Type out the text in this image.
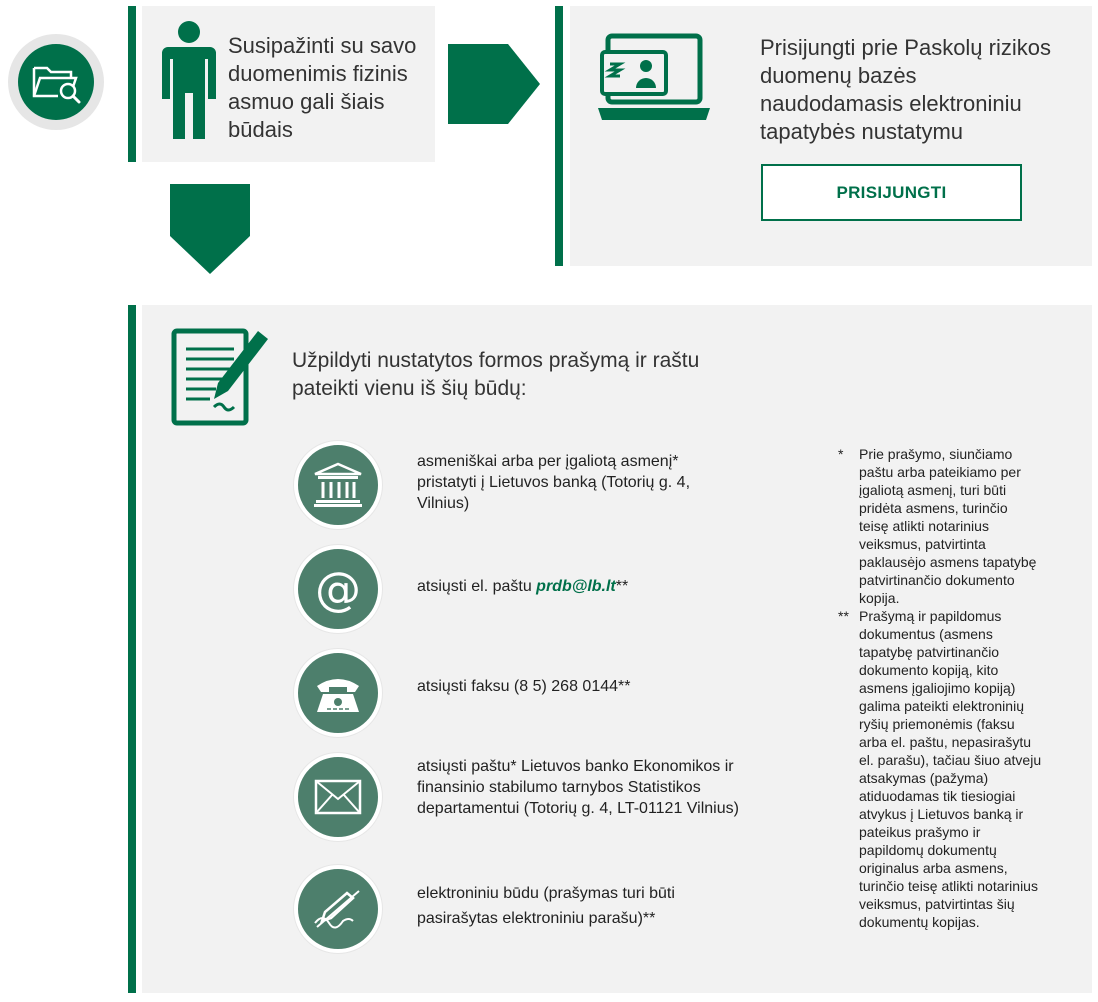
Susipažinti su savo duomenimis fizinis asmuo gali šiais būdais
Prisijungti prie Paskolų rizikos duomenų bazės naudodamasis elektroniniu tapatybės nustatymu
PRISIJUNGTI
Užpildyti nustatytos formos prašymą ir raštu pateikti vienu iš šių būdų:
asmeniškai arba per įgaliotą asmenį* pristatyti į Lietuvos banką (Totorių g. 4, Vilnius)
@	atsiųsti el. paštu prdb@lb.lt**
atsiųsti faksu (8 5) 268 0144**
atsiųsti paštu* Lietuvos banko Ekonomikos ir finansinio stabilumo tarnybos Statistikos departamentui (Totorių g. 4, LT-01121 Vilnius)
elektroniniu būdu (prašymas turi būti pasirašytas elektroniniu parašu)**
*	Prie prašymo, siunčiamo paštu arba pateikiamo per įgaliotą asmenį, turi būti pridėta asmens, turinčio teisę atlikti notarinius veiksmus, patvirtinta paklausėjo asmens tapatybę patvirtinančio dokumento kopija.
** Prašymą ir papildomus dokumentus (asmens tapatybę patvirtinančio dokumento kopiją, kito asmens įgaliojimo kopiją) galima pateikti elektroninių ryšių priemonėmis (faksu arba el. paštu, nepasirašytu el. parašu), tačiau šiuo atveju atsakymas (pažyma) atiduodamas tik tiesiogiai atvykus į Lietuvos banką ir pateikus prašymo ir papildomų dokumentų originalus arba asmens, turinčio teisę atlikti notarinius veiksmus, patvirtintas šių dokumentų kopijas.
